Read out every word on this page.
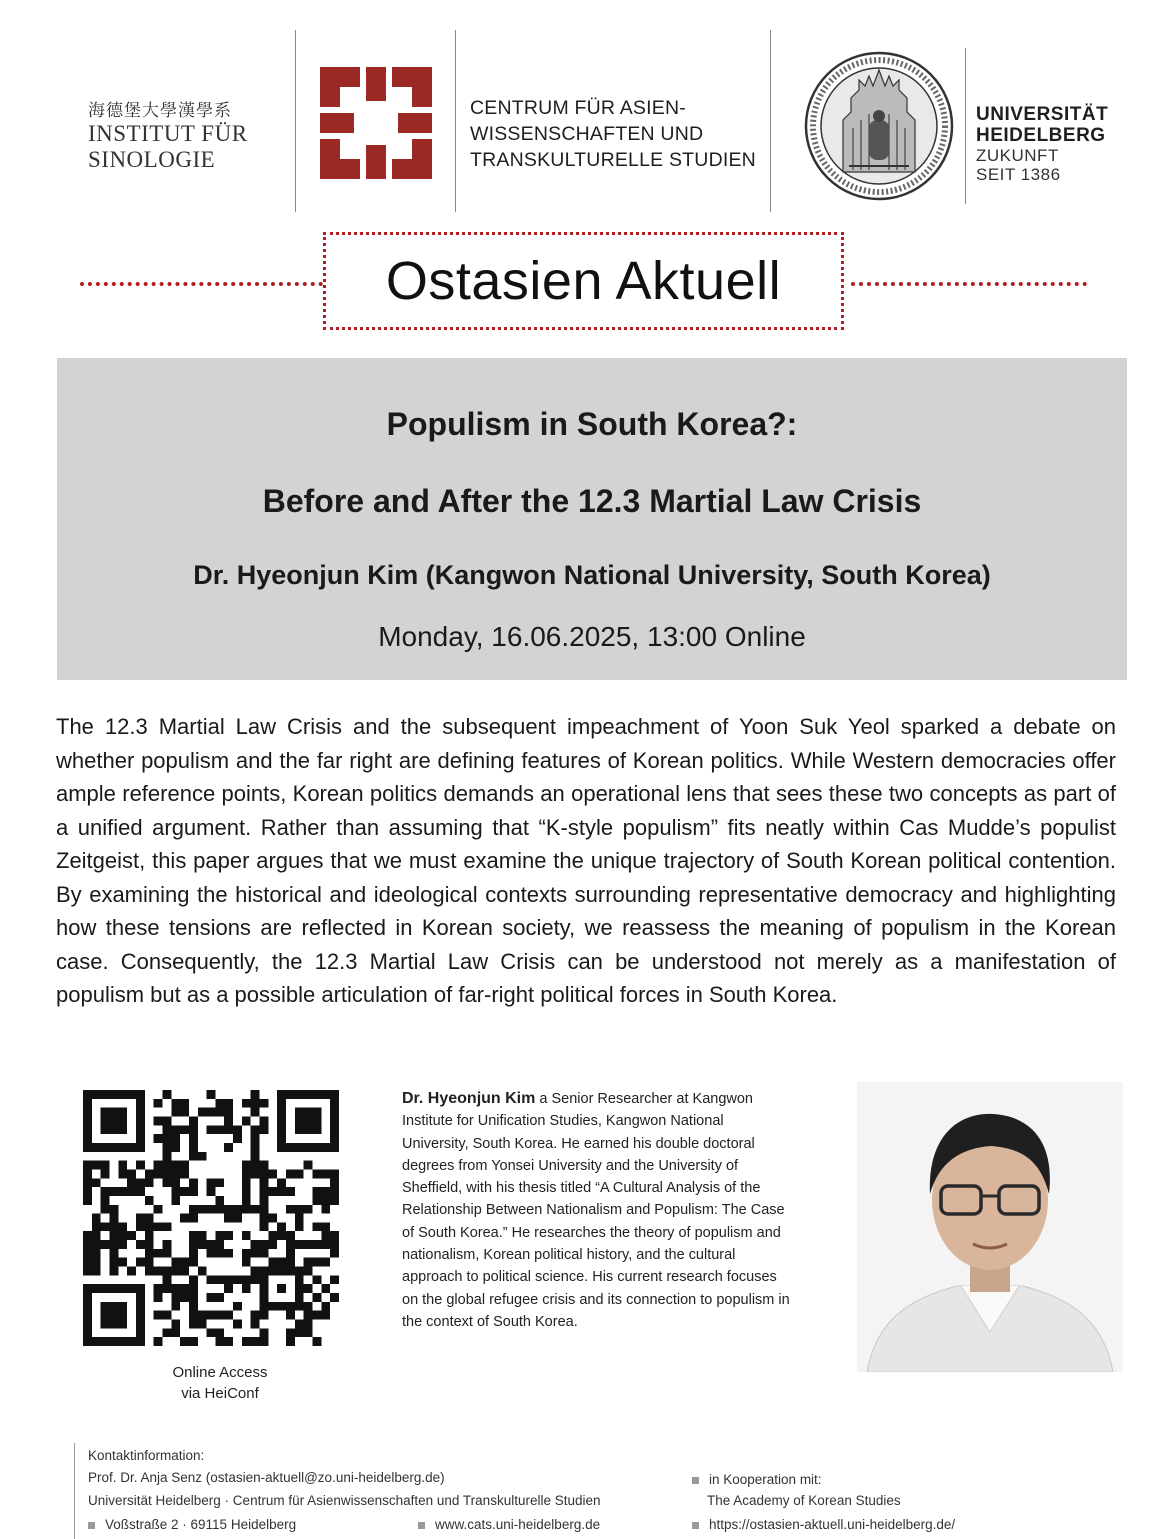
海德堡大學漢學系
INSTITUT FÜR
SINOLOGIE
CENTRUM FÜR ASIEN-
WISSENSCHAFTEN UND
TRANSKULTURELLE STUDIEN
UNIVERSITÄT
HEIDELBERG
ZUKUNFT
SEIT 1386
Ostasien Aktuell
Populism in South Korea?:
Before and After the 12.3 Martial Law Crisis
Dr. Hyeonjun Kim (Kangwon National University, South Korea)
Monday, 16.06.2025, 13:00 Online
The 12.3 Martial Law Crisis and the subsequent impeachment of Yoon Suk Yeol sparked a debate on whether populism and the far right are defining features of Korean politics. While Western democracies offer ample reference points, Korean politics demands an operational lens that sees these two concepts as part of a unified argument. Rather than assuming that “K-style populism” fits neatly within Cas Mudde’s populist Zeitgeist, this paper argues that we must examine the unique trajectory of South Korean political contention. By examining the historical and ideological contexts surrounding representative democracy and highlighting how these tensions are reflected in Korean society, we reassess the meaning of populism in the Korean case. Consequently, the 12.3 Martial Law Crisis can be understood not merely as a manifestation of populism but as a possible articulation of far-right political forces in South Korea.
Online Access
via HeiConf
Dr. Hyeonjun Kim a Senior Researcher at Kangwon Institute for Unification Studies, Kangwon National University, South Korea. He earned his double doctoral degrees from Yonsei University and the University of Sheffield, with his thesis titled “A Cultural Analysis of the Relationship Between Nationalism and Populism: The Case of South Korea.” He researches the theory of populism and nationalism, Korean political history, and the cultural approach to political science. His current research focuses on the global refugee crisis and its connection to populism in the context of South Korea.
Kontaktinformation:
Prof. Dr. Anja Senz (ostasien-aktuell@zo.uni-heidelberg.de)
Universität Heidelberg · Centrum für Asienwissenschaften und Transkulturelle Studien
Voßstraße 2 · 69115 Heidelberg	www.cats.uni-heidelberg.de
in Kooperation mit:
The Academy of Korean Studies
https://ostasien-aktuell.uni-heidelberg.de/
